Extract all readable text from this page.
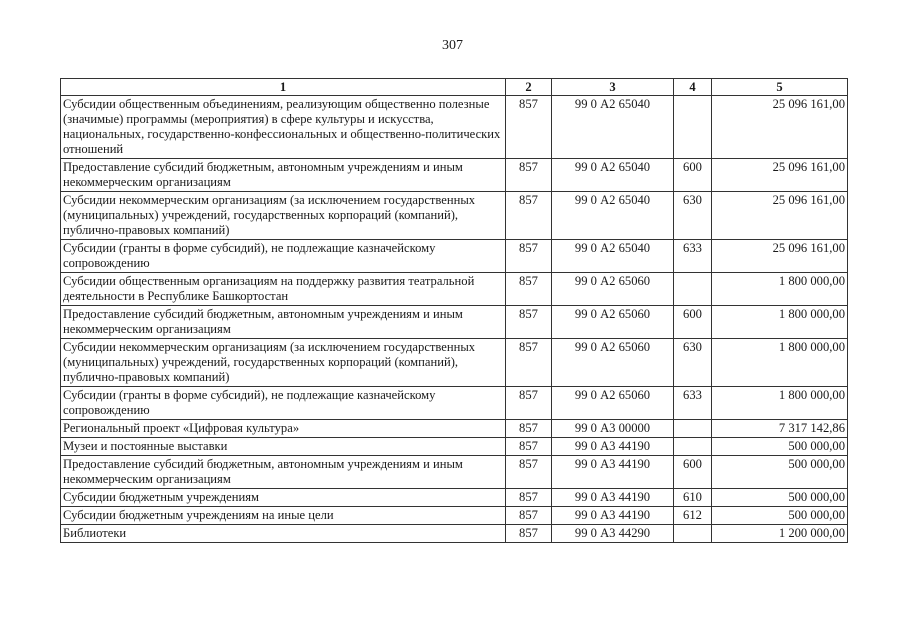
307
1	2	3	4	5
Субсидии общественным объединениям, реализующим общественно полезные (значимые) программы (мероприятия) в сфере культуры и искусства, национальных, государственно-конфессиональных и общественно-политических отношений	857	99 0 А2 65040		25 096 161,00
Предоставление субсидий бюджетным, автономным учреждениям и иным некоммерческим организациям	857	99 0 А2 65040	600	25 096 161,00
Субсидии некоммерческим организациям (за исключением государственных (муниципальных) учреждений, государственных корпораций (компаний), публично-правовых компаний)	857	99 0 А2 65040	630	25 096 161,00
Субсидии (гранты в форме субсидий), не подлежащие казначейскому сопровождению	857	99 0 А2 65040	633	25 096 161,00
Субсидии общественным организациям на поддержку развития театральной деятельности в Республике Башкортостан	857	99 0 А2 65060		1 800 000,00
Предоставление субсидий бюджетным, автономным учреждениям и иным некоммерческим организациям	857	99 0 А2 65060	600	1 800 000,00
Субсидии некоммерческим организациям (за исключением государственных (муниципальных) учреждений, государственных корпораций (компаний), публично-правовых компаний)	857	99 0 А2 65060	630	1 800 000,00
Субсидии (гранты в форме субсидий), не подлежащие казначейскому сопровождению	857	99 0 А2 65060	633	1 800 000,00
Региональный проект «Цифровая культура»	857	99 0 А3 00000		7 317 142,86
Музеи и постоянные выставки	857	99 0 А3 44190		500 000,00
Предоставление субсидий бюджетным, автономным учреждениям и иным некоммерческим организациям	857	99 0 А3 44190	600	500 000,00
Субсидии бюджетным учреждениям	857	99 0 А3 44190	610	500 000,00
Субсидии бюджетным учреждениям на иные цели	857	99 0 А3 44190	612	500 000,00
Библиотеки	857	99 0 А3 44290		1 200 000,00
